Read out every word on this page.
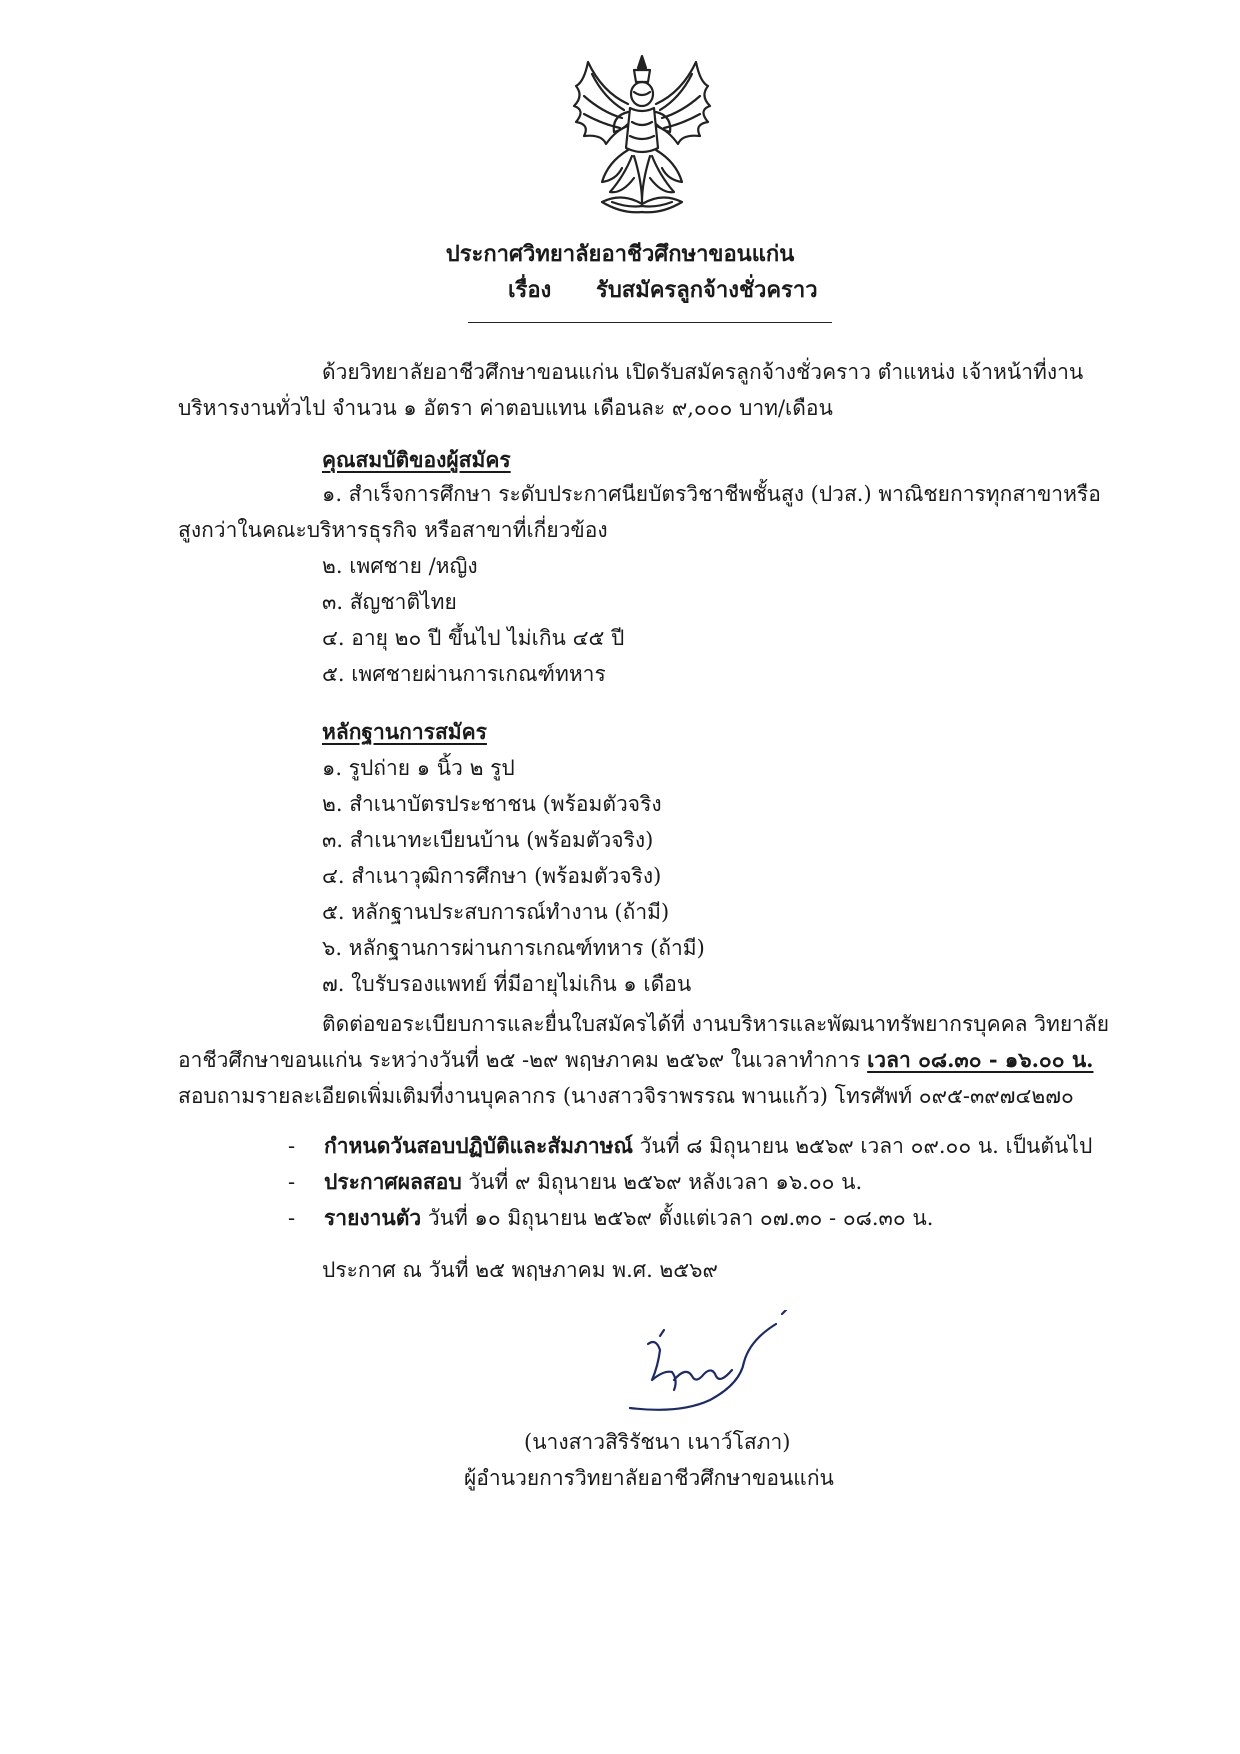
ประกาศวิทยาลัยอาชีวศึกษาขอนแก่น
เรื่อง รับสมัครลูกจ้างชั่วคราว
ด้วยวิทยาลัยอาชีวศึกษาขอนแก่น เปิดรับสมัครลูกจ้างชั่วคราว ตำแหน่ง เจ้าหน้าที่งาน
บริหารงานทั่วไป จำนวน ๑ อัตรา ค่าตอบแทน เดือนละ ๙,๐๐๐ บาท/เดือน
คุณสมบัติของผู้สมัคร
๑. สำเร็จการศึกษา ระดับประกาศนียบัตรวิชาชีพชั้นสูง (ปวส.) พาณิชยการทุกสาขาหรือ
สูงกว่าในคณะบริหารธุรกิจ หรือสาขาที่เกี่ยวข้อง
๒. เพศชาย /หญิง
๓. สัญชาติไทย
๔. อายุ ๒๐ ปี ขึ้นไป ไม่เกิน ๔๕ ปี
๕. เพศชายผ่านการเกณฑ์ทหาร
หลักฐานการสมัคร
๑. รูปถ่าย ๑ นิ้ว ๒ รูป
๒. สำเนาบัตรประชาชน (พร้อมตัวจริง
๓. สำเนาทะเบียนบ้าน (พร้อมตัวจริง)
๔. สำเนาวุฒิการศึกษา (พร้อมตัวจริง)
๕. หลักฐานประสบการณ์ทำงาน (ถ้ามี)
๖. หลักฐานการผ่านการเกณฑ์ทหาร (ถ้ามี)
๗. ใบรับรองแพทย์ ที่มีอายุไม่เกิน ๑ เดือน
ติดต่อขอระเบียบการและยื่นใบสมัครได้ที่ งานบริหารและพัฒนาทรัพยากรบุคคล วิทยาลัย
อาชีวศึกษาขอนแก่น ระหว่างวันที่ ๒๕ -๒๙ พฤษภาคม ๒๕๖๙ ในเวลาทำการ เวลา ๐๘.๓๐ - ๑๖.๐๐ น.
สอบถามรายละเอียดเพิ่มเติมที่งานบุคลากร (นางสาวจิราพรรณ พานแก้ว) โทรศัพท์ ๐๙๕-๓๙๗๔๒๗๐
- กำหนดวันสอบปฏิบัติและสัมภาษณ์ วันที่ ๘ มิถุนายน ๒๕๖๙ เวลา ๐๙.๐๐ น. เป็นต้นไป
- ประกาศผลสอบ วันที่ ๙ มิถุนายน ๒๕๖๙ หลังเวลา ๑๖.๐๐ น.
- รายงานตัว วันที่ ๑๐ มิถุนายน ๒๕๖๙ ตั้งแต่เวลา ๐๗.๓๐ - ๐๘.๓๐ น.
ประกาศ ณ วันที่ ๒๕ พฤษภาคม พ.ศ. ๒๕๖๙
(นางสาวสิริรัชนา เนาว์โสภา)
ผู้อำนวยการวิทยาลัยอาชีวศึกษาขอนแก่น
